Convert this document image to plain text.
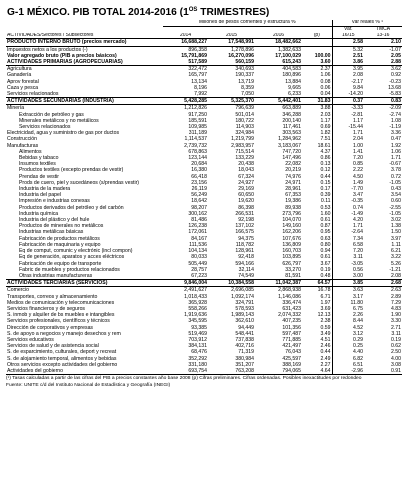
G-1 MÉXICO. PIB TOTAL 2014-2016 ($1^{OS}$ TRIMESTRES)
	Millones de pesos corrientes y estructura %				Var reales % ¹	
					Var.	TMCA
ACTIVIDADES/Sectores / Subsectores	2014	2015	2016	(p)	16/15	13-16
PRODUCTO INTERNO BRUTO (precios mercado)	16,688,227	17,548,991	18,482,662		2.58	2.10
Impuestos netos a los productos (-)	896,358	1,278,896	1,382,633		5.32	-1.07
Valor agregado bruto (PIB a precios básicos)	15,791,869	16,270,096	17,100,029	100.00	2.51	2.05
ACTIVIDADES PRIMARIAS (AGROPECUARIAS)	517,589	560,159	615,243	3.60	3.86	2.88
Agricultura	322,472	340,693	404,583	2.37	3.95	3.62
Ganadería	165,797	190,337	180,896	1.06	2.08	0.92
Aprov forestal	13,134	13,719	13,884	0.08	-2.17	-0.23
Caza y pesca	8,196	8,359	9,665	0.06	9.84	13.68
Servicios relacionados	7,992	7,050	6,233	0.04	-14.20	-5.83
ACTIVIDADES SECUNDARIAS (INDUSTRIA)	5,428,285	5,325,370	5,442,401	31.83	0.37	0.83
Minería	1,212,826	796,639	663,889	3.88	-3.33	-2.09
Extracción de petróleo y gas	917,250	501,014	346,288	2.03	-2.81	-2.74
Minerales metálicos y no metálicos	185,591	180,722	200,140	1.17	1.17	1.08
Servicios relacionados	109,985	114,903	117,461	0.69	-15.44	-1.19
Electricidad, agua y suministro de gas por ductos	311,189	324,984	303,563	1.82	1.71	3.36
Construcción	1,114,537	1,219,799	1,284,962	7.51	2.04	0.47
Manufacturas	2,739,732	2,983,957	3,183,067	18.61	1.00	1.92
Alimentos	678,863	715,514	747,720	4.37	1.41	1.06
Bebidas y tabaco	123,144	133,229	147,496	0.86	7.20	1.71
Insumos textiles	20,684	20,438	22,082	0.13	0.85	-0.67
Productos textiles (excepto prendas de vestir)	16,380	18,043	20,219	0.12	2.22	3.78
Prendas de vestir	66,418	67,324	74,976	0.44	4.50	0.72
Prods de cuero, piel y sucedáneos (s/prendas vestir)	23,156	24,927	24,971	0.15	1.49	-1.05
Industria de la madera	26,119	29,169	28,961	0.17	-7.70	0.43
Industria del papel	56,249	60,650	67,353	0.39	3.47	3.54
Impresión e industrias conexas	18,642	19,620	19,386	0.11	-0.35	0.60
Productos derivados del petróleo y del carbón	98,207	86,398	89,938	0.53	0.74	-2.55
Industria química	300,162	266,531	273,796	1.60	-1.49	-1.05
Industria del plástico y del hule	81,486	92,198	104,070	0.61	4.20	3.02
Productos de minerales no metálicos	126,238	137,102	149,160	0.87	1.71	1.38
Industrias metálicas básicas	172,061	166,575	162,206	0.95	-2.64	1.50
Fabricación de productos metálicos	84,167	94,375	107,676	0.63	7.34	3.97
Fabricación de maquinaria y equipo	111,536	118,782	136,809	0.80	6.58	1.11
Eq de comput, comunic y electrónic (incl compon)	104,134	128,961	160,703	0.94	7.20	6.21
Eq de generación, aparatos y acces eléctricos	80,033	92,418	103,895	0.61	3.11	3.22
Fabricación de equipo de transporte	505,449	594,166	626,797	3.67	-3.05	5.26
Fabric de muebles y productos relacionados	28,757	32,114	33,270	0.19	0.56	-1.21
Otras industrias manufactureras	67,223	74,549	81,591	0.48	3.00	2.08
ACTIVIDADES TERCIARIAS (SERVICIOS)	9,846,004	10,384,558	11,042,387	64.57	3.85	2.68
Comercio	2,491,627	2,696,085	2,868,938	16.78	3.63	2.63
Transportes, correos y almacenamiento	1,018,433	1,092,174	1,146,086	6.71	3.17	2.89
Medios de comunicación y telecomunicaciones	365,928	324,791	336,474	1.97	11.80	7.29
Servicios financieros y de seguros	558,266	578,593	631,423	3.69	6.75	4.83
S. inmob y alquiler de bs muebles e intangibles	1,919,636	1,989,143	2,074,332	12.13	2.26	1.90
Servicios profesionales, científicos y técnicos	345,595	362,610	407,235	2.38	8.44	3.30
Dirección de corporativos y empresas	93,385	94,449	101,356	0.59	4.52	2.71
S. de apoyo a negocios y manejo desechos y rem	519,469	548,441	597,487	3.49	3.12	3.11
Servicios educativos	703,912	737,838	771,885	4.51	0.29	0.19
Servicios de salud y de asistencia social	384,131	402,716	421,497	2.46	0.25	0.62
S. de esparcimiento, culturales, deport y recreat	68,476	71,319	76,043	0.44	4.40	2.50
S. de alojamiento temporal, alimentos y bebidas	352,292	380,984	425,597	2.49	6.82	4.00
Otros servicios excepto actividades del gobierno	331,180	351,207	388,169	2.27	6.51	3.08
Actividades del gobierno	693,754	763,208	794,065	4.64	-2.96	0.91
(¹) Tasas calculadas a partir de las cifras del PIB a precios constantes año base 2008 (p) Cifras preliminares. Cifras ordenadas. Posibles inexactitudes por redondeo
Fuente: UNITE c/d del Instituto Nacional de Estadística y Geografía (INEGI)
